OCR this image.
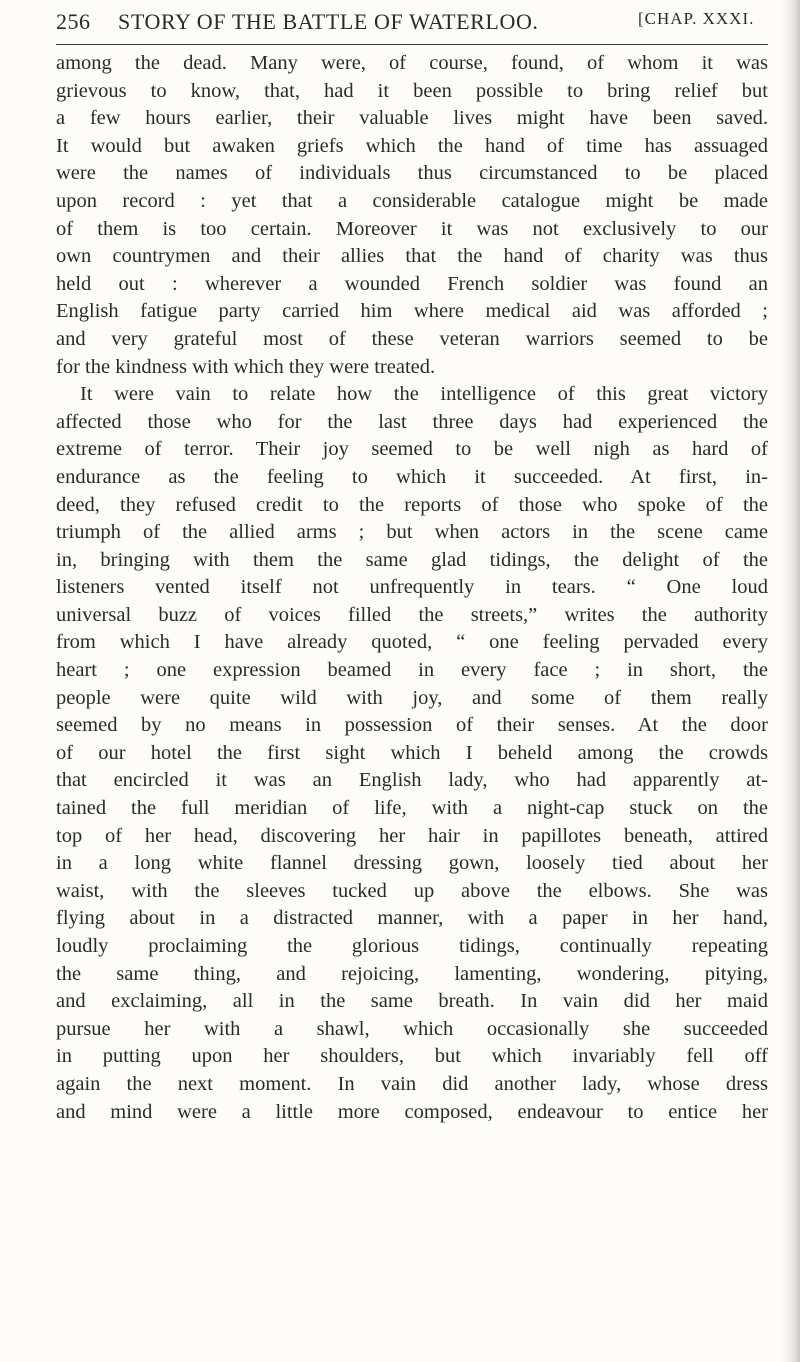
256 STORY OF THE BATTLE OF WATERLOO.	[CHAP. XXXI.
among the dead. Many were, of course, found, of whom it was
grievous to know, that, had it been possible to bring relief but
a few hours earlier, their valuable lives might have been saved.
It would but awaken griefs which the hand of time has assuaged
were the names of individuals thus circumstanced to be placed
upon record : yet that a considerable catalogue might be made
of them is too certain. Moreover it was not exclusively to our
own countrymen and their allies that the hand of charity was thus
held out : wherever a wounded French soldier was found an
English fatigue party carried him where medical aid was afforded ;
and very grateful most of these veteran warriors seemed to be
for the kindness with which they were treated.
It were vain to relate how the intelligence of this great victory
affected those who for the last three days had experienced the
extreme of terror. Their joy seemed to be well nigh as hard of
endurance as the feeling to which it succeeded. At first, in-
deed, they refused credit to the reports of those who spoke of the
triumph of the allied arms ; but when actors in the scene came
in, bringing with them the same glad tidings, the delight of the
listeners vented itself not unfrequently in tears. “ One loud
universal buzz of voices filled the streets,” writes the authority
from which I have already quoted, “ one feeling pervaded every
heart ; one expression beamed in every face ; in short, the
people were quite wild with joy, and some of them really
seemed by no means in possession of their senses. At the door
of our hotel the first sight which I beheld among the crowds
that encircled it was an English lady, who had apparently at-
tained the full meridian of life, with a night-cap stuck on the
top of her head, discovering her hair in papillotes beneath, attired
in a long white flannel dressing gown, loosely tied about her
waist, with the sleeves tucked up above the elbows. She was
flying about in a distracted manner, with a paper in her hand,
loudly proclaiming the glorious tidings, continually repeating
the same thing, and rejoicing, lamenting, wondering, pitying,
and exclaiming, all in the same breath. In vain did her maid
pursue her with a shawl, which occasionally she succeeded
in putting upon her shoulders, but which invariably fell off
again the next moment. In vain did another lady, whose dress
and mind were a little more composed, endeavour to entice her
